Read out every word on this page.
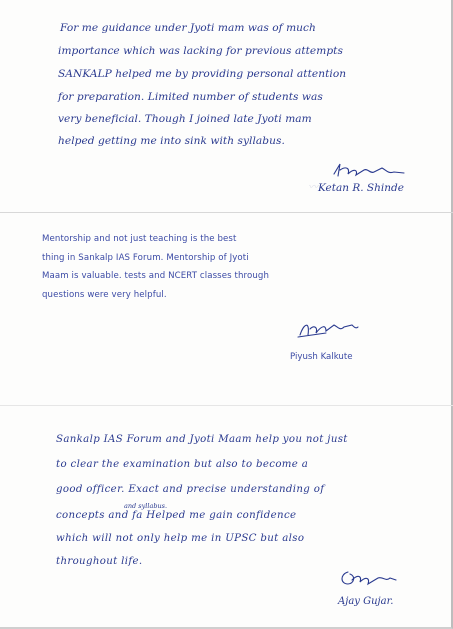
For me guidance under Jyoti mam was of much
importance which was lacking for previous attempts
SANKALP helped me by providing personal attention
for preparation. Limited number of students was
very beneficial. Though I joined late Jyoti mam
helped getting me into sink with syllabus.
〰 Ketan R. Shinde
Mentorship and not just teaching is the best
thing in Sankalp IAS Forum. Mentorship of Jyoti
Maam is valuable. tests and NCERT classes through
questions were very helpful.
Piyush Kalkute
Sankalp IAS Forum and Jyoti Maam help you not just
to clear the examination but also to become a
good officer. Exact and precise understanding of
and syllabus.
concepts and fa Helped me gain confidence
which will not only help me in UPSC but also
throughout life.
Ajay Gujar.
